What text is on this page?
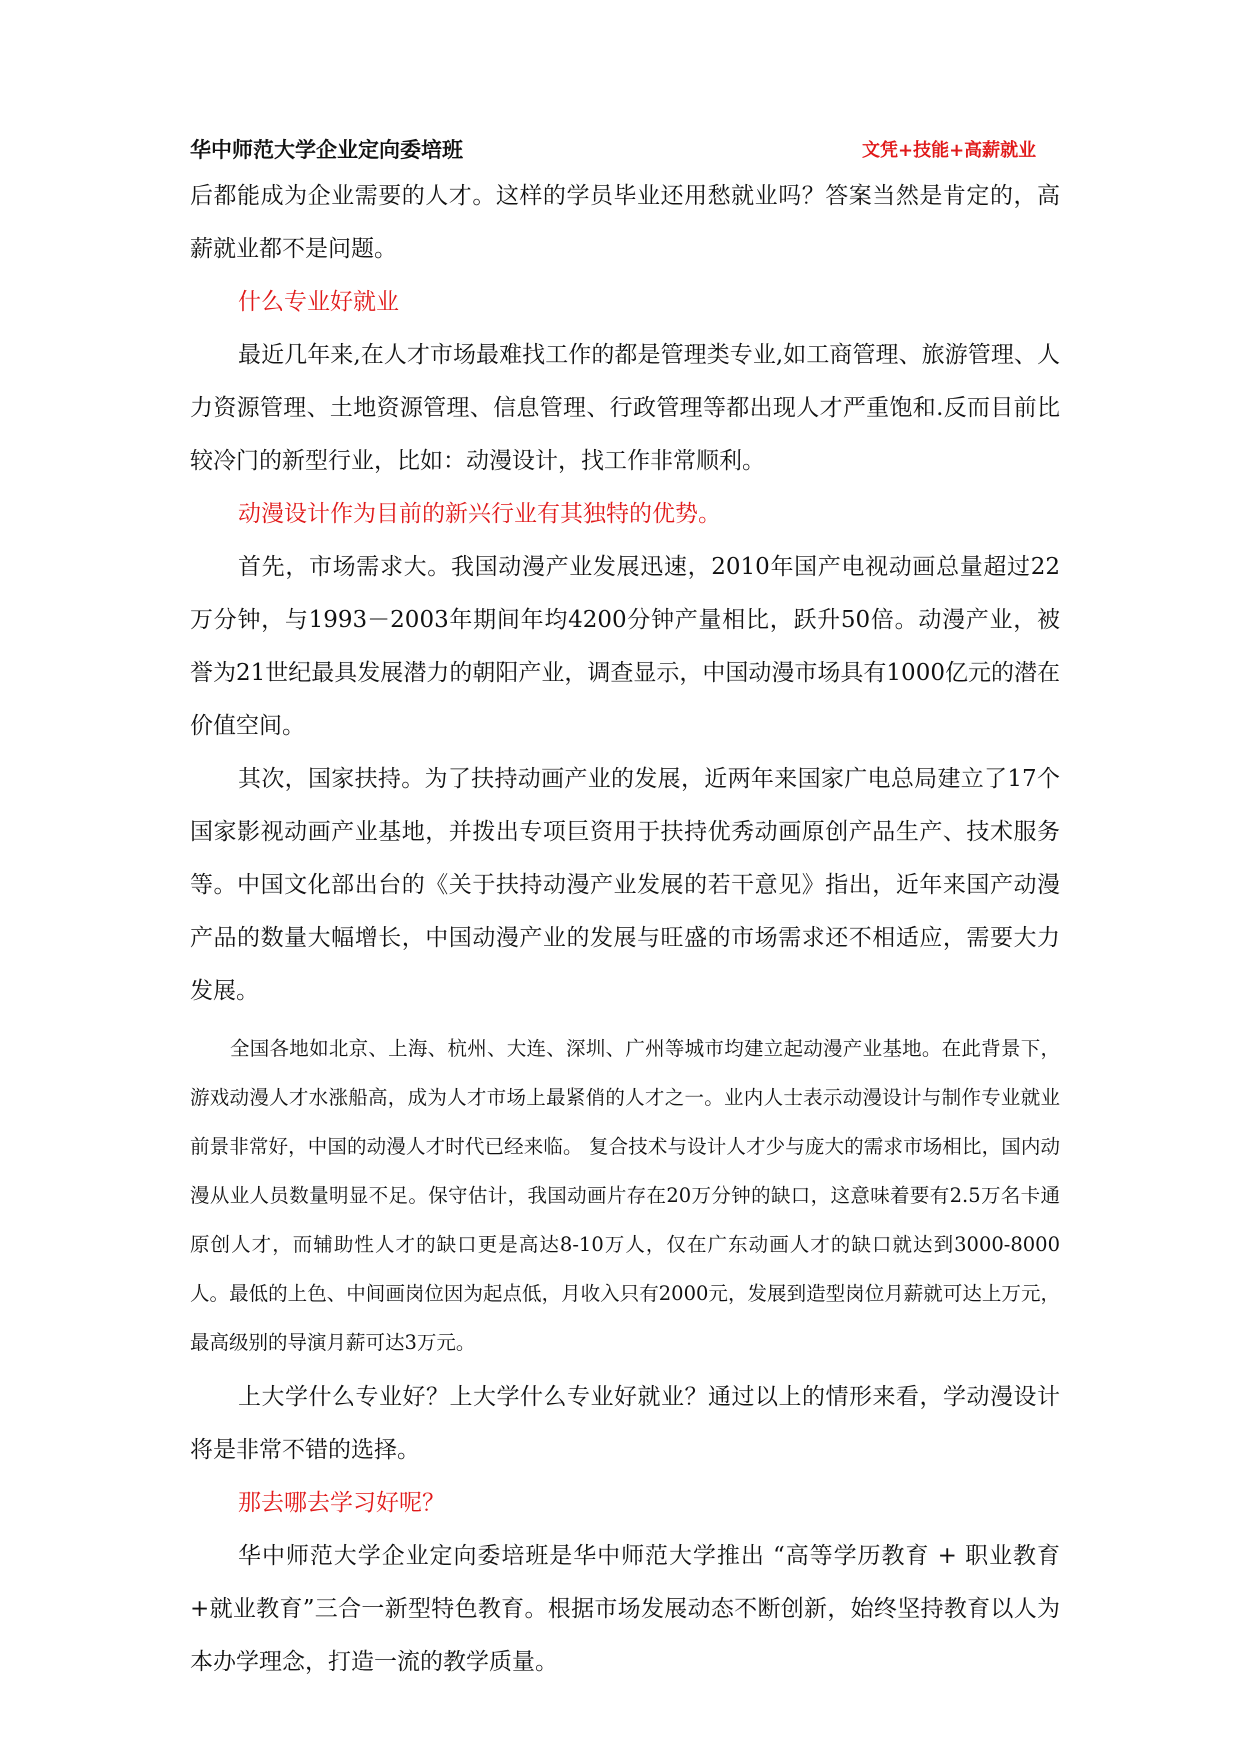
华中师范大学企业定向委培班	文凭+技能+高薪就业

后都能成为企业需要的人才。这样的学员毕业还用愁就业吗？答案当然是肯定的，高薪就业都不是问题。

什么专业好就业

最近几年来,在人才市场最难找工作的都是管理类专业,如工商管理、旅游管理、人力资源管理、土地资源管理、信息管理、行政管理等都出现人才严重饱和.反而目前比较冷门的新型行业，比如：动漫设计，找工作非常顺利。

动漫设计作为目前的新兴行业有其独特的优势。

首先，市场需求大。我国动漫产业发展迅速，2010年国产电视动画总量超过22万分钟，与1993－2003年期间年均4200分钟产量相比，跃升50倍。动漫产业，被誉为21世纪最具发展潜力的朝阳产业，调查显示，中国动漫市场具有1000亿元的潜在价值空间。

其次，国家扶持。为了扶持动画产业的发展，近两年来国家广电总局建立了17个国家影视动画产业基地，并拨出专项巨资用于扶持优秀动画原创产品生产、技术服务等。中国文化部出台的《关于扶持动漫产业发展的若干意见》指出，近年来国产动漫产品的数量大幅增长，中国动漫产业的发展与旺盛的市场需求还不相适应，需要大力发展。

全国各地如北京、上海、杭州、大连、深圳、广州等城市均建立起动漫产业基地。在此背景下，游戏动漫人才水涨船高，成为人才市场上最紧俏的人才之一。业内人士表示动漫设计与制作专业就业前景非常好，中国的动漫人才时代已经来临。 复合技术与设计人才少与庞大的需求市场相比，国内动漫从业人员数量明显不足。保守估计，我国动画片存在20万分钟的缺口，这意味着要有2.5万名卡通原创人才，而辅助性人才的缺口更是高达8-10万人，仅在广东动画人才的缺口就达到3000-8000人。最低的上色、中间画岗位因为起点低，月收入只有2000元，发展到造型岗位月薪就可达上万元，最高级别的导演月薪可达3万元。

上大学什么专业好？上大学什么专业好就业？通过以上的情形来看，学动漫设计将是非常不错的选择。

那去哪去学习好呢？

华中师范大学企业定向委培班是华中师范大学推出 “高等学历教育 + 职业教育+就业教育”三合一新型特色教育。根据市场发展动态不断创新，始终坚持教育以人为本办学理念，打造一流的教学质量。
